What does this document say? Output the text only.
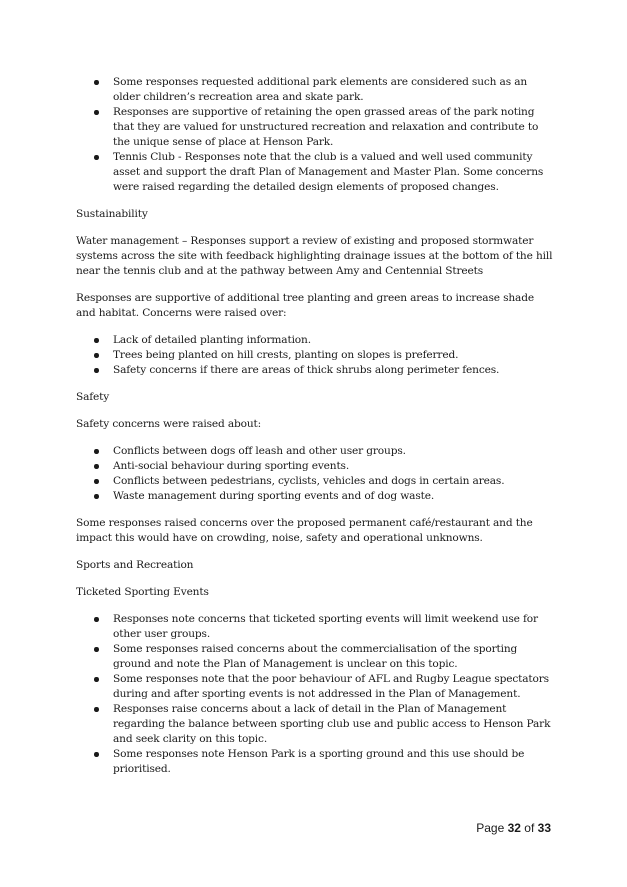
Some responses requested additional park elements are considered such as an older children’s recreation area and skate park.
Responses are supportive of retaining the open grassed areas of the park noting that they are valued for unstructured recreation and relaxation and contribute to the unique sense of place at Henson Park.
Tennis Club - Responses note that the club is a valued and well used community asset and support the draft Plan of Management and Master Plan. Some concerns were raised regarding the detailed design elements of proposed changes.

Sustainability

Water management – Responses support a review of existing and proposed stormwater systems across the site with feedback highlighting drainage issues at the bottom of the hill near the tennis club and at the pathway between Amy and Centennial Streets

Responses are supportive of additional tree planting and green areas to increase shade and habitat. Concerns were raised over:

Lack of detailed planting information.
Trees being planted on hill crests, planting on slopes is preferred.
Safety concerns if there are areas of thick shrubs along perimeter fences.

Safety

Safety concerns were raised about:

Conflicts between dogs off leash and other user groups.
Anti-social behaviour during sporting events.
Conflicts between pedestrians, cyclists, vehicles and dogs in certain areas.
Waste management during sporting events and of dog waste.

Some responses raised concerns over the proposed permanent café/restaurant and the impact this would have on crowding, noise, safety and operational unknowns.

Sports and Recreation

Ticketed Sporting Events

Responses note concerns that ticketed sporting events will limit weekend use for other user groups.
Some responses raised concerns about the commercialisation of the sporting ground and note the Plan of Management is unclear on this topic.
Some responses note that the poor behaviour of AFL and Rugby League spectators during and after sporting events is not addressed in the Plan of Management.
Responses raise concerns about a lack of detail in the Plan of Management regarding the balance between sporting club use and public access to Henson Park and seek clarity on this topic.
Some responses note Henson Park is a sporting ground and this use should be prioritised.
Page 32 of 33
